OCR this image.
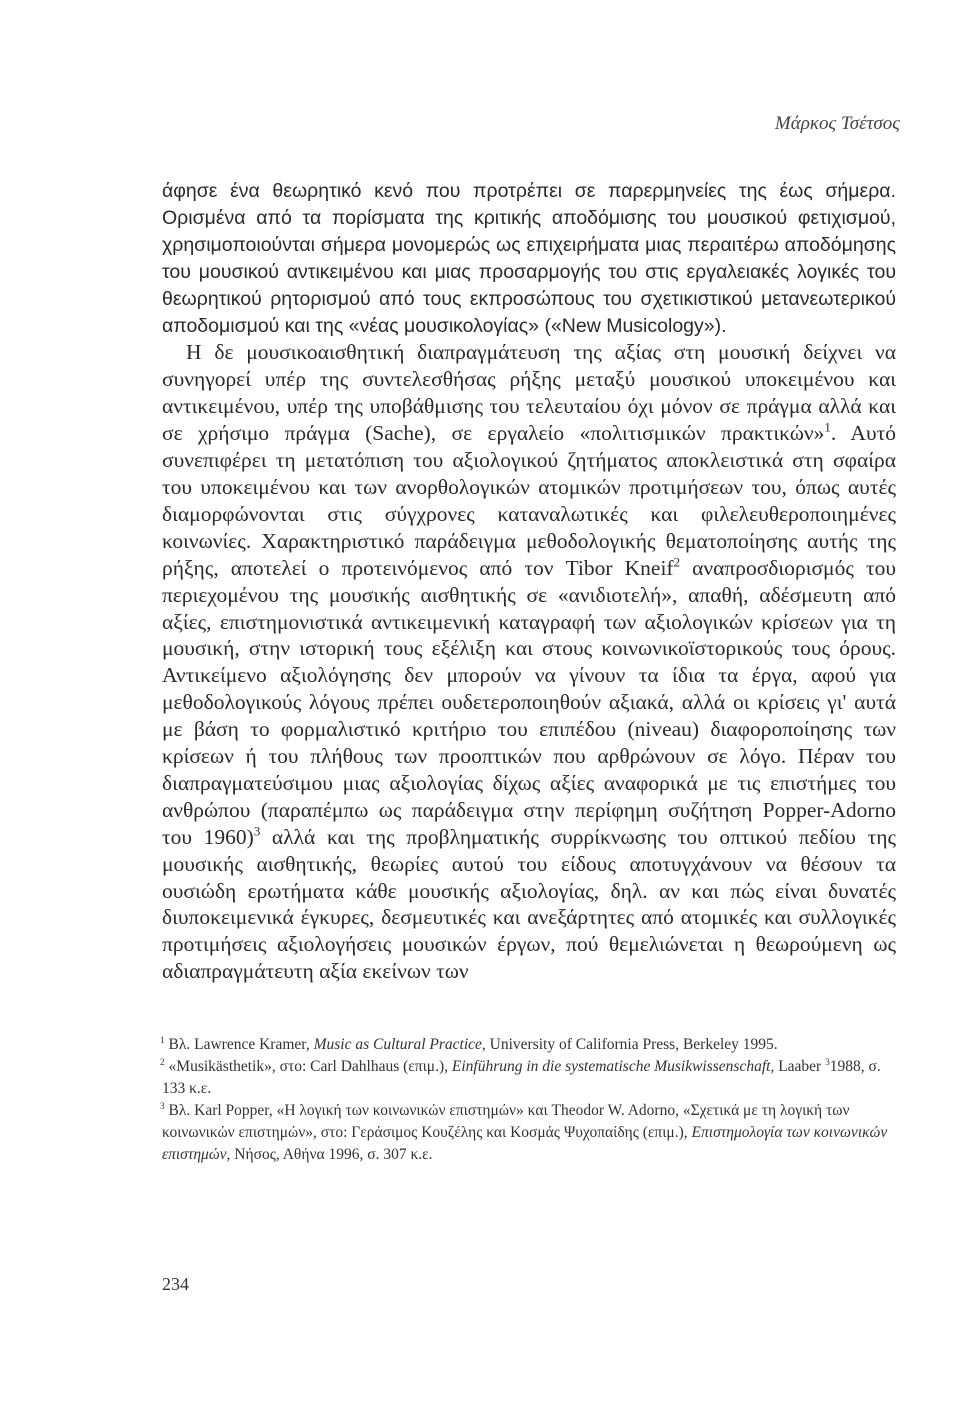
Μάρκος Τσέτσος

άφησε ένα θεωρητικό κενό που προτρέπει σε παρερμηνείες της έως σήμερα. Ορισμένα από τα πορίσματα της κριτικής αποδόμισης του μουσικού φετιχισμού, χρησιμοποιούνται σήμερα μονομερώς ως επιχειρήματα μιας περαιτέρω αποδόμησης του μουσικού αντικειμένου και μιας προσαρμογής του στις εργαλειακές λογικές του θεωρητικού ρητορισμού από τους εκπροσώπους του σχετικιστικού μετανεωτερικού αποδομισμού και της «νέας μουσικολογίας» («New Musicology»).

Η δε μουσικοαισθητική διαπραγμάτευση της αξίας στη μουσική δείχνει να συνηγορεί υπέρ της συντελεσθήσας ρήξης μεταξύ μουσικού υποκειμένου και αντικειμένου, υπέρ της υποβάθμισης του τελευταίου όχι μόνον σε πράγμα αλλά και σε χρήσιμο πράγμα (Sache), σε εργαλείο «πολιτισμικών πρακτικών»$^1$. Αυτό συνεπιφέρει τη μετατόπιση του αξιολογικού ζητήματος αποκλειστικά στη σφαίρα του υποκειμένου και των ανορθολογικών ατομικών προτιμήσεων του, όπως αυτές διαμορφώνονται στις σύγχρονες καταναλωτικές και φιλελευθεροποιημένες κοινωνίες. Χαρακτηριστικό παράδειγμα μεθοδολογικής θεματοποίησης αυτής της ρήξης, αποτελεί ο προτεινόμενος από τον Tibor Kneif$^2$ αναπροσδιορισμός του περιεχομένου της μουσικής αισθητικής σε «ανιδιοτελή», απαθή, αδέσμευτη από αξίες, επιστημονιστικά αντικειμενική καταγραφή των αξιολογικών κρίσεων για τη μουσική, στην ιστορική τους εξέλιξη και στους κοινωνικοϊστορικούς τους όρους. Αντικείμενο αξιολόγησης δεν μπορούν να γίνουν τα ίδια τα έργα, αφού για μεθοδολογικούς λόγους πρέπει ουδετεροποιηθούν αξιακά, αλλά οι κρίσεις γι' αυτά με βάση το φορμαλιστικό κριτήριο του επιπέδου (niveau) διαφοροποίησης των κρίσεων ή του πλήθους των προοπτικών που αρθρώνουν σε λόγο. Πέραν του διαπραγματεύσιμου μιας αξιολογίας δίχως αξίες αναφορικά με τις επιστήμες του ανθρώπου (παραπέμπω ως παράδειγμα στην περίφημη συζήτηση Popper-Adorno του 1960)$^3$ αλλά και της προβληματικής συρρίκνωσης του οπτικού πεδίου της μουσικής αισθητικής, θεωρίες αυτού του είδους αποτυγχάνουν να θέσουν τα ουσιώδη ερωτήματα κάθε μουσικής αξιολογίας, δηλ. αν και πώς είναι δυνατές διυποκειμενικά έγκυρες, δεσμευτικές και ανεξάρτητες από ατομικές και συλλογικές προτιμήσεις αξιολογήσεις μουσικών έργων, πού θεμελιώνεται η θεωρούμενη ως αδιαπραγμάτευτη αξία εκείνων των

$^1$ Βλ. Lawrence Kramer, Music as Cultural Practice, University of California Press, Berkeley 1995.

$^2$ «Musikästhetik», στο: Carl Dahlhaus (επιμ.), Einführung in die systematische Musikwissenschaft, Laaber $^3$1988, σ. 133 κ.ε.

$^3$ Βλ. Karl Popper, «Η λογική των κοινωνικών επιστημών» και Theodor W. Adorno, «Σχετικά με τη λογική των κοινωνικών επιστημών», στο: Γεράσιμος Κουζέλης και Κοσμάς Ψυχοπαίδης (επιμ.), Επιστημολογία των κοινωνικών επιστημών, Νήσος, Αθήνα 1996, σ. 307 κ.ε.

234
